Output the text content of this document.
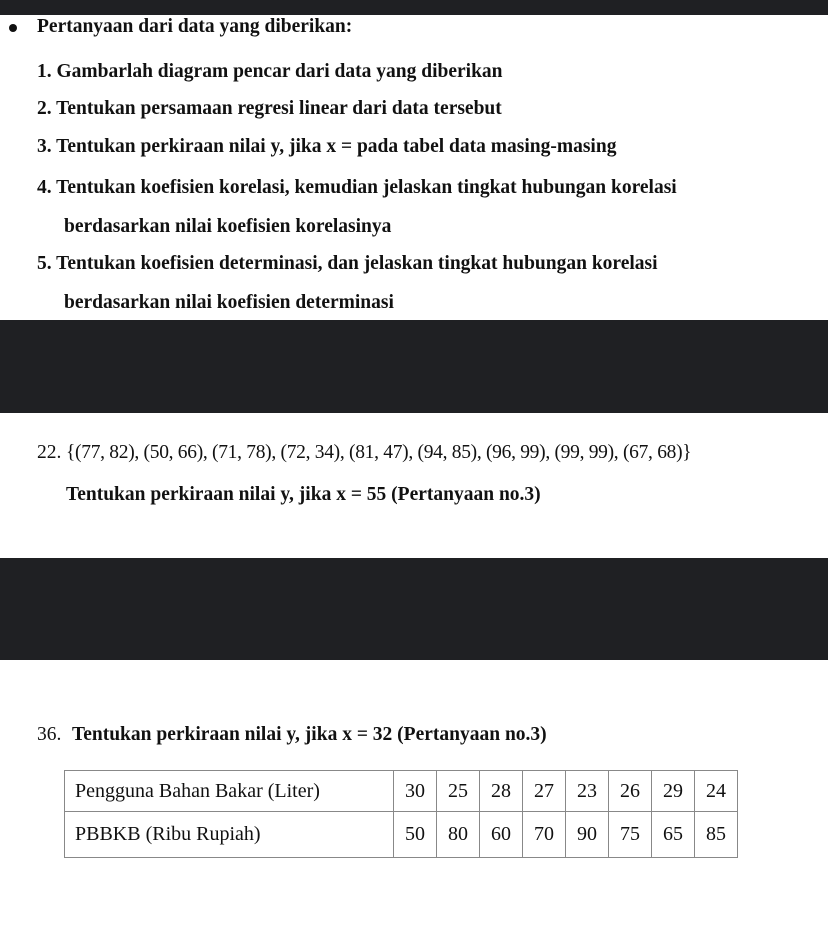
Pertanyaan dari data yang diberikan:
1. Gambarlah diagram pencar dari data yang diberikan
2. Tentukan persamaan regresi linear dari data tersebut
3. Tentukan perkiraan nilai y, jika x = pada tabel data masing-masing
4. Tentukan koefisien korelasi, kemudian jelaskan tingkat hubungan korelasi
berdasarkan nilai koefisien korelasinya
5. Tentukan koefisien determinasi, dan jelaskan tingkat hubungan korelasi
berdasarkan nilai koefisien determinasi
22. {(77, 82), (50, 66), (71, 78), (72, 34), (81, 47), (94, 85), (96, 99), (99, 99), (67, 68)}
Tentukan perkiraan nilai y, jika x = 55 (Pertanyaan no.3)
36. Tentukan perkiraan nilai y, jika x = 32 (Pertanyaan no.3)
Pengguna Bahan Bakar (Liter)	30	25	28	27	23	26	29	24
PBBKB (Ribu Rupiah)	50	80	60	70	90	75	65	85
